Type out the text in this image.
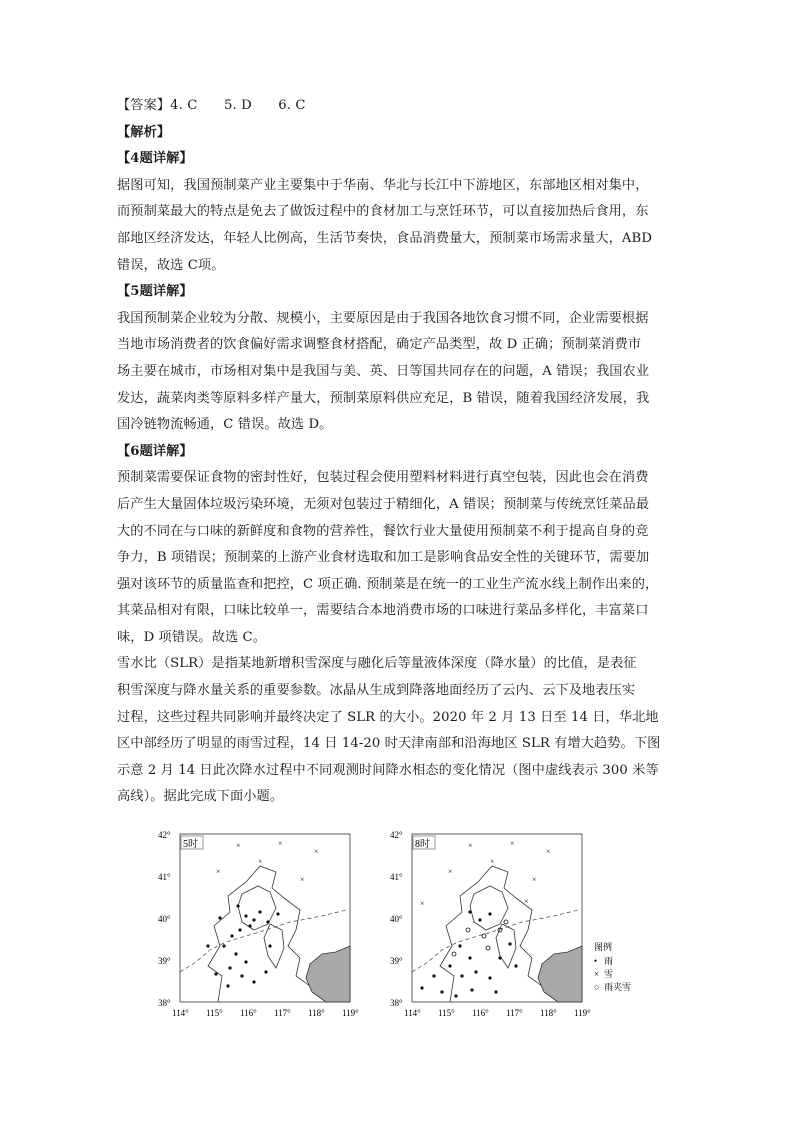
【答案】4. C　　5. D　　6. C
【解析】
【4题详解】
据图可知，我国预制菜产业主要集中于华南、华北与长江中下游地区，东部地区相对集中，
而预制菜最大的特点是免去了做饭过程中的食材加工与烹饪环节，可以直接加热后食用，东
部地区经济发达，年轻人比例高，生活节奏快，食品消费量大，预制菜市场需求量大，ABD
错误，故选 C项。
【5题详解】
我国预制菜企业较为分散、规模小，主要原因是由于我国各地饮食习惯不同，企业需要根据
当地市场消费者的饮食偏好需求调整食材搭配，确定产品类型，故 D 正确；预制菜消费市
场主要在城市，市场相对集中是我国与美、英、日等国共同存在的问题，A 错误；我国农业
发达，蔬菜肉类等原料多样产量大，预制菜原料供应充足，B 错误，随着我国经济发展，我
国冷链物流畅通，C 错误。故选 D。
【6题详解】
预制菜需要保证食物的密封性好，包装过程会使用塑料材料进行真空包装，因此也会在消费
后产生大量固体垃圾污染环境，无须对包装过于精细化，A 错误；预制菜与传统烹饪菜品最
大的不同在与口味的新鲜度和食物的营养性，餐饮行业大量使用预制菜不利于提高自身的竞
争力，B 项错误；预制菜的上游产业食材选取和加工是影响食品安全性的关键环节，需要加
强对该环节的质量监查和把控，C 项正确. 预制菜是在统一的工业生产流水线上制作出来的，
其菜品相对有限，口味比较单一，需要结合本地消费市场的口味进行菜品多样化，丰富菜口
味，D 项错误。故选 C。
雪水比（SLR）是指某地新增积雪深度与融化后等量液体深度（降水量）的比值，是表征
积雪深度与降水量关系的重要参数。冰晶从生成到降落地面经历了云内、云下及地表压实
过程，这些过程共同影响并最终决定了 SLR 的大小。2020 年 2 月 13 日至 14 日，华北地
区中部经历了明显的雨雪过程，14 日 14-20 时天津南部和沿海地区 SLR 有增大趋势。下图
示意 2 月 14 日此次降水过程中不同观测时间降水相态的变化情况（图中虚线表示 300 米等
高线）。据此完成下面小题。
5时
42°
41°
40°
39°
38°
114° 115° 116° 117° 118° 119°
×	×
×
×
×
×
8时
42°
41°
40°
39°
38°
114° 115° 116° 117° 118° 119°
×	×
×
×
×
×
×	×
图例
• 雨
× 雪
○ 雨夹雪
